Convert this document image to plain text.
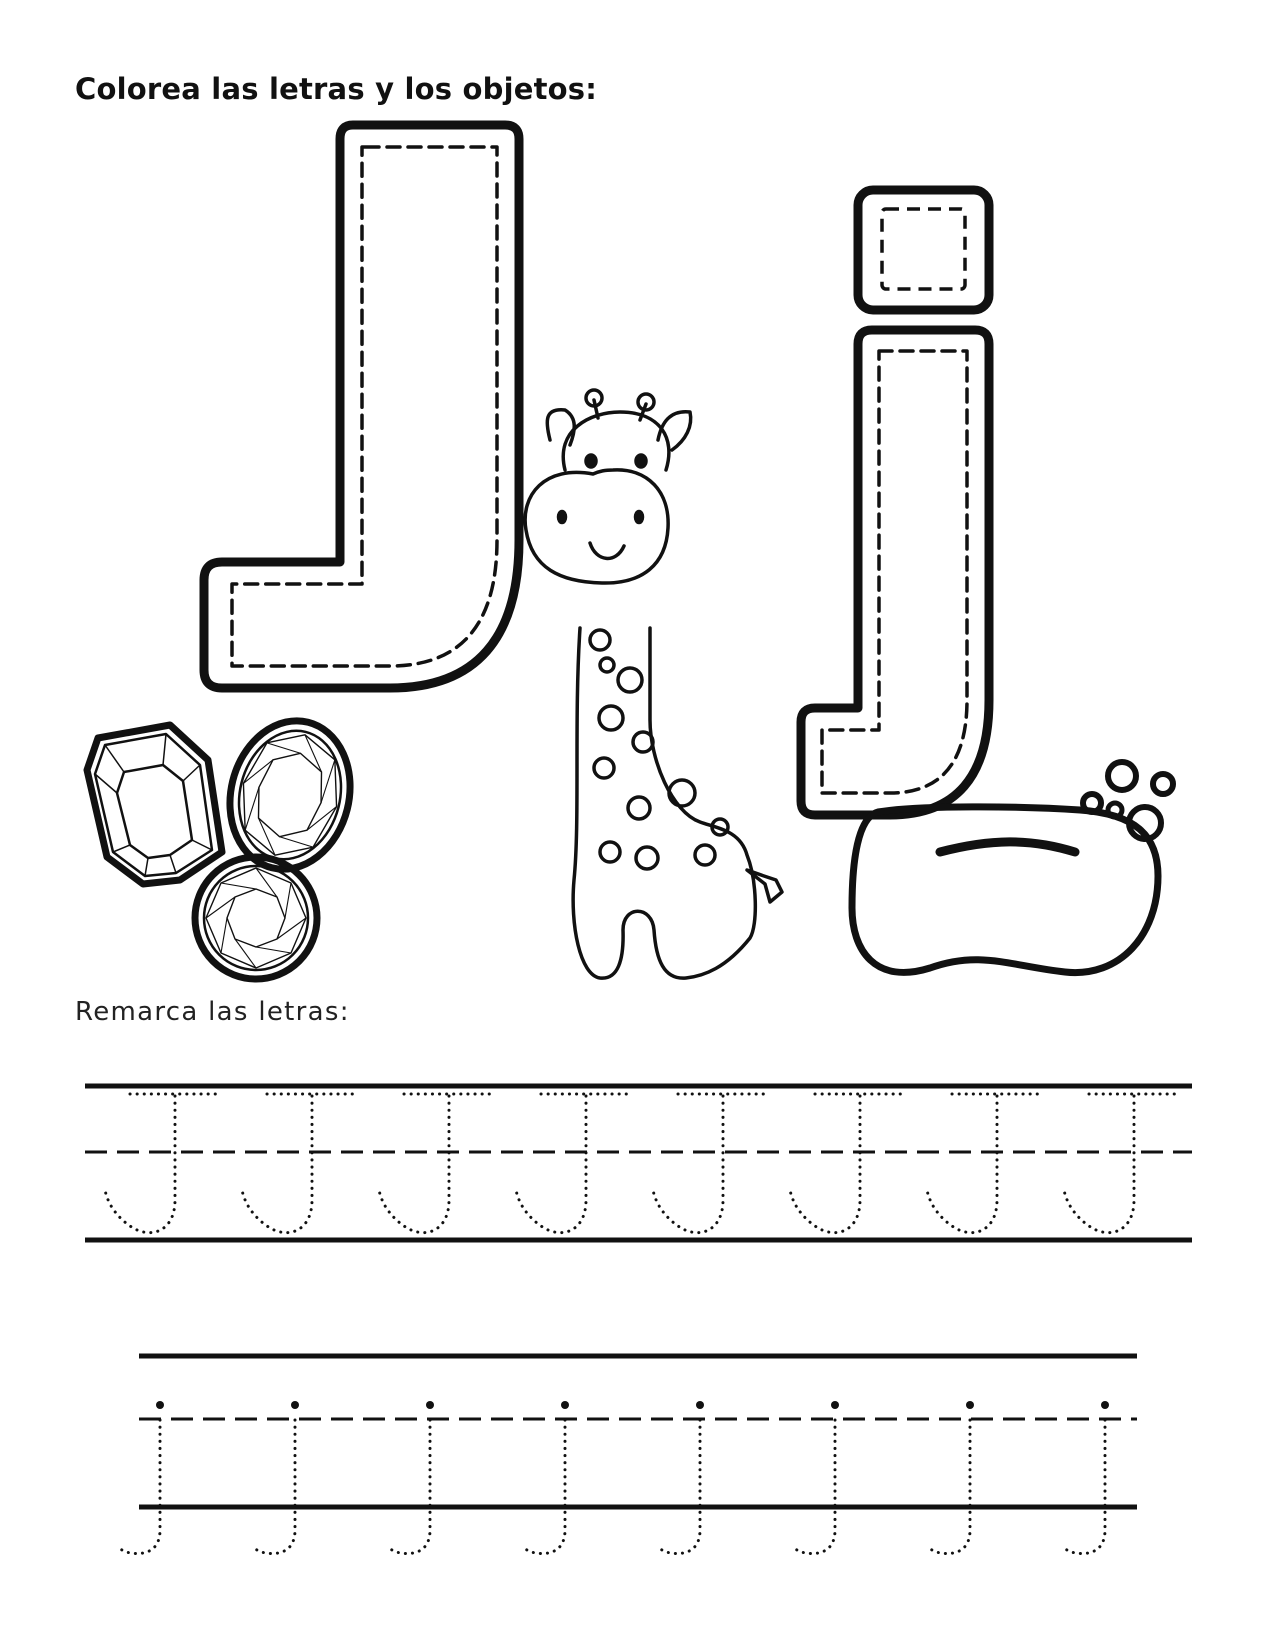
Colorea las letras y los objetos:
Remarca las letras:
